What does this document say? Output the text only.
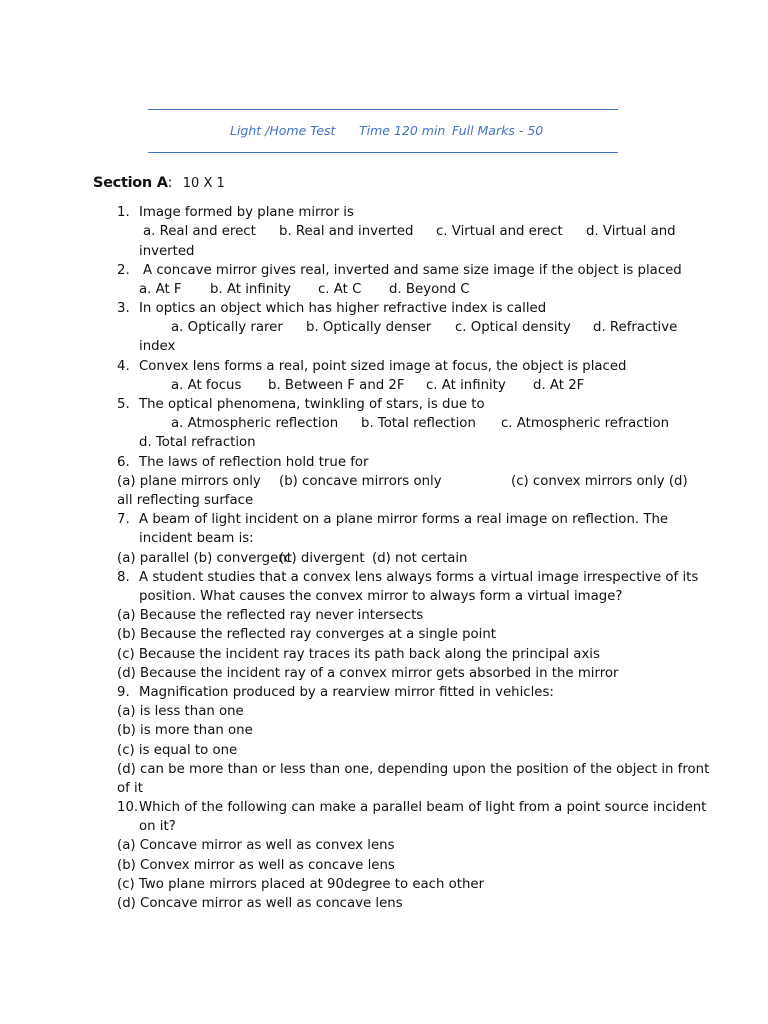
Light /Home Test Time 120 min Full Marks - 50
Section A: 10 X 1
1. Image formed by plane mirror is
a. Real and erect b. Real and inverted c. Virtual and erect d. Virtual and
inverted
2. A concave mirror gives real, inverted and same size image if the object is placed
a. At F b. At infinity c. At C d. Beyond C
3. In optics an object which has higher refractive index is called
a. Optically rarer b. Optically denser c. Optical density d. Refractive
index
4. Convex lens forms a real, point sized image at focus, the object is placed
a. At focus b. Between F and 2F c. At infinity d. At 2F
5. The optical phenomena, twinkling of stars, is due to
a. Atmospheric reflection b. Total reflection c. Atmospheric refraction
d. Total refraction
6. The laws of reflection hold true for
(a) plane mirrors only (b) concave mirrors only	(c) convex mirrors only (d)
all reflecting surface
7. A beam of light incident on a plane mirror forms a real image on reflection. The
incident beam is:
(a) parallel (b) convergent
(c) divergent (d) not certain
8. A student studies that a convex lens always forms a virtual image irrespective of its
position. What causes the convex mirror to always form a virtual image?
(a) Because the reflected ray never intersects
(b) Because the reflected ray converges at a single point
(c) Because the incident ray traces its path back along the principal axis
(d) Because the incident ray of a convex mirror gets absorbed in the mirror
9. Magnification produced by a rearview mirror fitted in vehicles:
(a) is less than one
(b) is more than one
(c) is equal to one
(d) can be more than or less than one, depending upon the position of the object in front
of it
10. Which of the following can make a parallel beam of light from a point source incident
on it?
(a) Concave mirror as well as convex lens
(b) Convex mirror as well as concave lens
(c) Two plane mirrors placed at 90degree to each other
(d) Concave mirror as well as concave lens
